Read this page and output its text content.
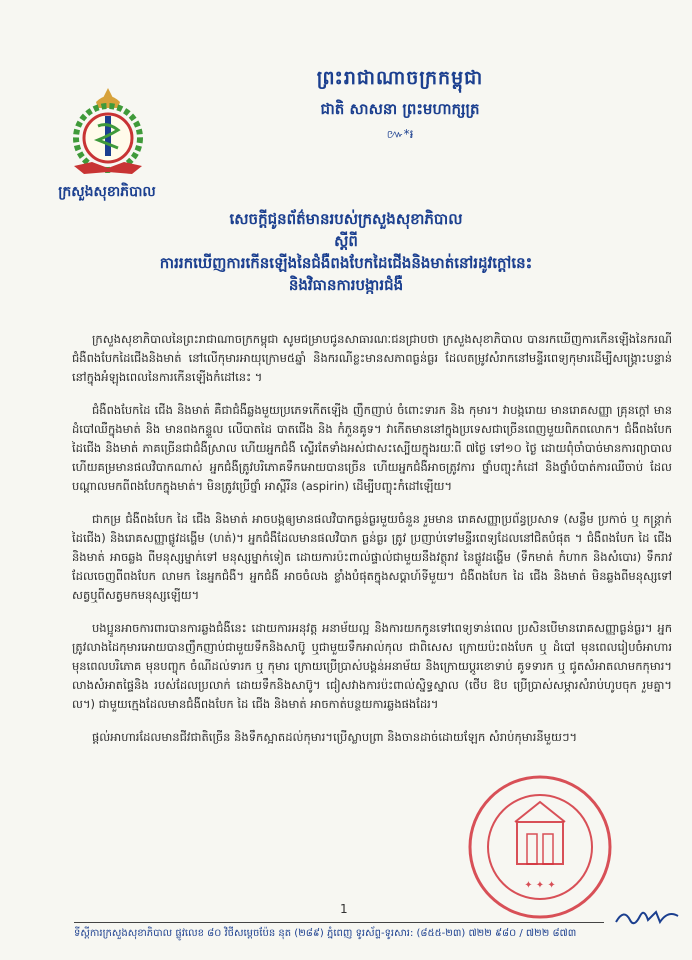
ក្រសួងសុខាភិបាល
ព្រះរាជាណាចក្រកម្ពុជា
ជាតិ សាសនា ព្រះមហាក្សត្រ
៚*៛
សេចក្តីជូនព័ត៌មានរបស់ក្រសួងសុខាភិបាល
ស្តីពី
ការរកឃើញការកើនឡើងនៃជំងឺពងបែកដៃជើងនិងមាត់នៅរដូវក្តៅនេះ
និងវិធានការបង្ការជំងឺ

ក្រសួងសុខាភិបាលនៃព្រះរាជាណាចក្រកម្ពុជា សូមជម្រាបជូនសាធារណៈជនជ្រាបថា ក្រសួងសុខាភិបាល បានរកឃើញការកើនឡើងនៃករណីជំងឺពងបែកដៃជើងនិងមាត់ នៅលើកុមារអាយុក្រោម៥ឆ្នាំ និងករណីខ្លះមានសភាពធ្ងន់ធ្ងរ ដែលតម្រូវសំរាកនៅមន្ទីរពេទ្យកុមារដើម្បីសង្គ្រោះបន្ទាន់ នៅក្នុងអំឡុងពេលនៃការកើនឡើងកំដៅនេះ ។

ជំងឺពងបែកដៃ ជើង និងមាត់ គឺជាជំងឺឆ្លងមួយប្រភេទកើតឡើង ញឹកញាប់ ចំពោះទារក និង កុមារ។ វាបង្ករោយ មានរោគសញ្ញា គ្រុនក្តៅ មានដំបៅឈឺក្នុងមាត់ និង មានពងកន្ទួល លើបាតដៃ បាតជើង និង កំភួនគូទ។ វាកើតមាននៅក្នុងប្រទេសជាច្រើនពេញមួយពិភពលោក។ ជំងឺពងបែក ដៃជើង និងមាត់ ភាគច្រើនជាជំងឺស្រាល ហើយអ្នកជំងឺ ស្ទើរតែទាំងអស់ជាសះស្បើយក្នុងរយៈពី ៧ថ្ងៃ ទៅ១០ ថ្ងៃ ដោយពុំចាំបាច់មានការព្យាបាល ហើយគម្រមានផលវិបាកណាស់ អ្នកជំងឺត្រូវបរិភោគទឹកអោយបានច្រើន ហើយអ្នកជំងឺអាចត្រូវការ ថ្នាំបញ្ចុះកំដៅ និងថ្នាំបំបាត់ការឈឺចាប់ ដែលបណ្តាលមកពីពងបែកក្នុងមាត់។ មិនត្រូវប្រើថ្នាំ អាស្ពីរីន (aspirin) ដើម្បីបញ្ចុះកំដៅឡើយ។

ជាកម្រ ជំងឺពងបែក ដៃ ជើង និងមាត់ អាចបង្កឲ្យមានផលវិបាកធ្ងន់ធ្ងរមួយចំនួន រួមមាន រោគសញ្ញាប្រព័ន្ធប្រសាទ (សន្លឹម ប្រកាច់ ឬ កន្ត្រាក់ដៃជើង) និងរោគសញ្ញាផ្លូវដង្ហើម (ហត់)។ អ្នកជំងឺដែលមានផលវិបាក ធ្ងន់ធ្ងរ ត្រូវ ប្រញាប់ទៅមន្ទីរពេទ្យដែលនៅជិតបំផុត ។ ជំងឺពងបែក ដៃ ជើង និងមាត់ អាចឆ្លង ពីមនុស្សម្នាក់ទៅ មនុស្សម្នាក់ទៀត ដោយការប៉ះពាល់ផ្ទាល់ជាមួយនឹងវត្ថុរាវ នៃផ្លូវដង្ហើម (ទឹកមាត់ កំហាក និងសំបោរ) ទឹករាវ ដែលចេញពីពងបែក លាមក នៃអ្នកជំងឺ។ អ្នកជំងឺ អាចចំលង ខ្លាំងបំផុតក្នុងសប្តាហ៍ទីមួយ។ ជំងឺពងបែក ដៃ ជើង និងមាត់ មិនឆ្លងពីមនុស្សទៅសត្វឬពីសត្វមកមនុស្សឡើយ។

បងប្អូនអាចការពារបានការឆ្លងជំងឺនេះ ដោយការអនុវត្ត អនាម័យល្អ និងការយកកូនទៅពេទ្យទាន់ពេល ប្រសិនបើមានរោគសញ្ញាធ្ងន់ធ្ងរ។ អ្នកត្រូវលាងដៃកុមារអោយបានញឹកញាប់ជាមួយទឹកនិងសាប៊ូ ឬជាមួយទឹកអាល់កុល ជាពិសេស ក្រោយប៉ះពងបែក ឬ ដំបៅ មុនពេលរៀបចំអាហារ មុនពេលបរិភោគ មុនបញ្ចុក ចំណីដល់ទារក ឬ កុមារ ក្រោយប្រើប្រាស់បង្គន់អនាម័យ និងក្រោយប្តូរខោទាប់ គូទទារក ឬ ជូតសំអាតលាមកកុមារ។ លាងសំអាតផ្ទៃនិង របស់ដែលប្រលាក់ ដោយទឹកនិងសាប៊ូ។ ជៀសវាងការប៉ះពាល់ស្និទ្ធស្នាល (ថើប ឱប ប្រើប្រាស់សម្ភារសំរាប់ហូបចុក រួមគ្នា។ល។) ជាមួយក្មេងដែលមានជំងឺពងបែក ដៃ ជើង និងមាត់ អាចកាត់បន្ថយការឆ្លងផងដែរ។

ផ្តល់អាហារដែលមានជីវជាតិច្រើន និងទឹកស្អាតដល់កុមារ។ប្រើស្លាបព្រា និងចានដាច់ដោយឡែក សំរាប់កុមារនីមួយៗ។

✦ ✦ ✦
1
ទីស្តីការក្រសួងសុខាភិបាល ផ្លូវលេខ ៨០ វិថីសម្តេចប៉ែន នុត (២៨៩) ភ្នំពេញ ទូរស័ព្ទ-ទូរសារ: (៨៥៥-២៣) ៧២២ ៩៨០ / ៧២២ ៨៧៣
